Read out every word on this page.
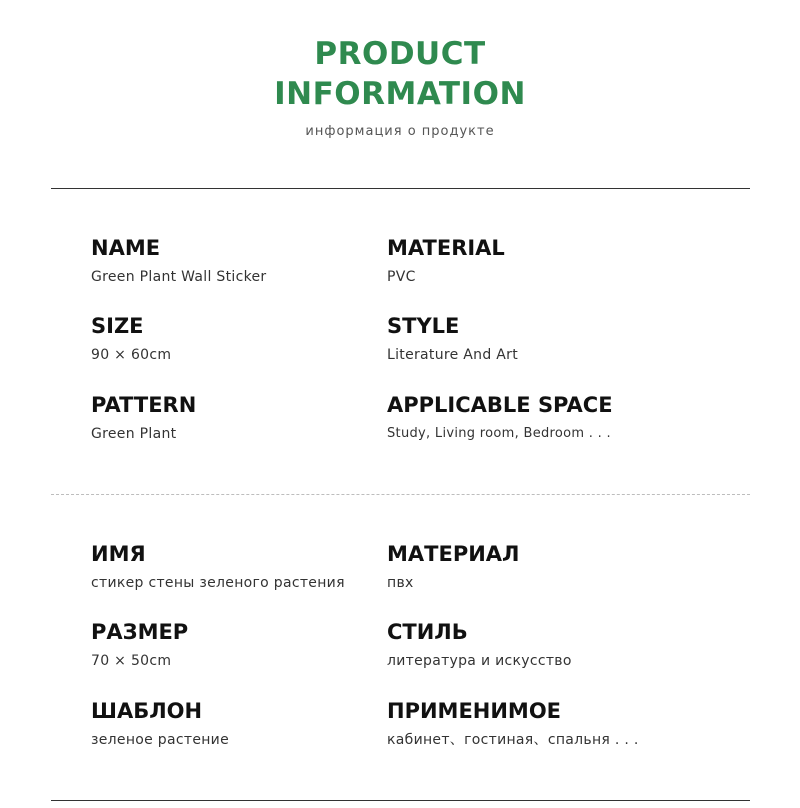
PRODUCT
INFORMATION
информация о продукте
NAME
Green Plant Wall Sticker
MATERIAL
PVC
SIZE
90 × 60cm
STYLE
Literature And Art
PATTERN
Green Plant
APPLICABLE SPACE
Study, Living room, Bedroom . . .
ИМЯ
стикер стены зеленого растения
МАТЕРИАЛ
пвх
РАЗМЕР
70 × 50cm
СТИЛЬ
литература и искусство
ШАБЛОН
зеленое растение
ПРИМЕНИМОЕ
кабинет、гостиная、спальня . . .
